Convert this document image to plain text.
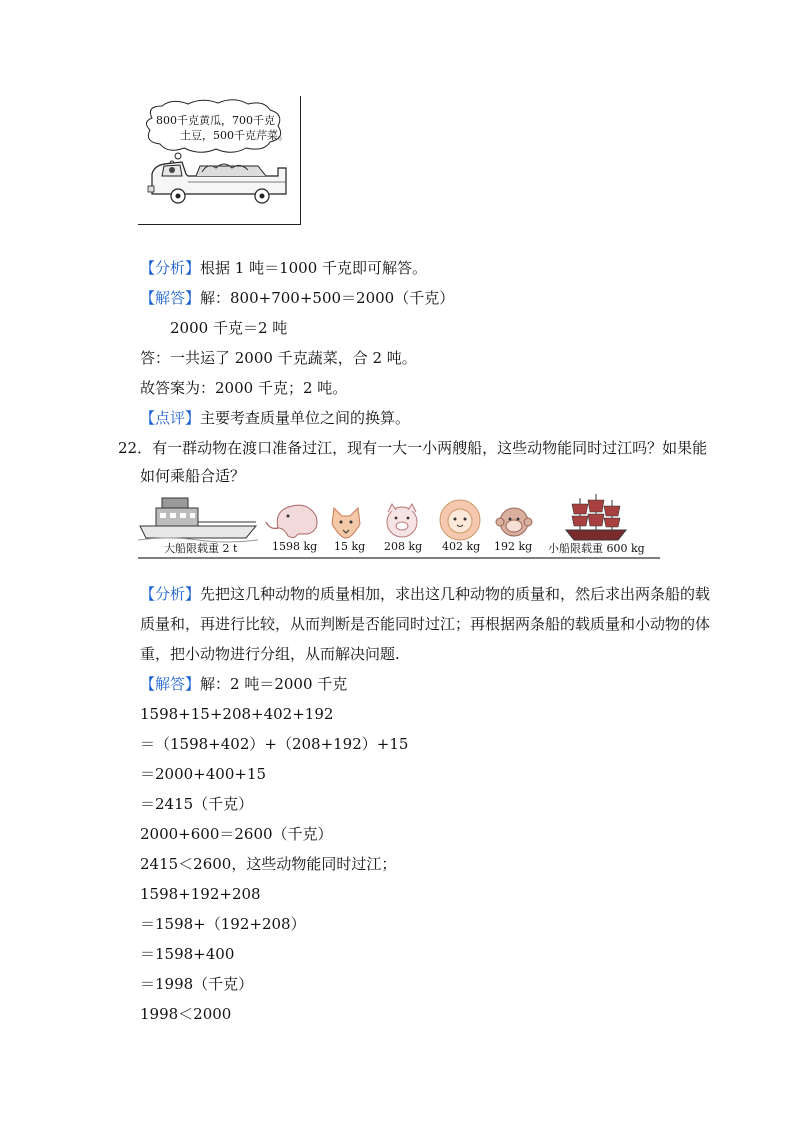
800千克黄瓜，700千克
土豆，500千克芹菜。
【分析】根据 1 吨＝1000 千克即可解答。
【解答】解：800+700+500＝2000（千克）
2000 千克＝2 吨
答：一共运了 2000 千克蔬菜，合 2 吨。
故答案为：2000 千克；2 吨。
【点评】主要考查质量单位之间的换算。
22．有一群动物在渡口准备过江，现有一大一小两艘船，这些动物能同时过江吗？如果能
如何乘船合适？
大船限载重 2 t	1598 kg 15 kg 208 kg 402 kg 192 kg 小船限载重 600 kg
【分析】先把这几种动物的质量相加，求出这几种动物的质量和，然后求出两条船的载
质量和，再进行比较，从而判断是否能同时过江；再根据两条船的载质量和小动物的体
重，把小动物进行分组，从而解决问题.
【解答】解：2 吨＝2000 千克
1598+15+208+402+192
＝（1598+402）+（208+192）+15
＝2000+400+15
＝2415（千克）
2000+600＝2600（千克）
2415＜2600，这些动物能同时过江；
1598+192+208
＝1598+（192+208）
＝1598+400
＝1998（千克）
1998＜2000
